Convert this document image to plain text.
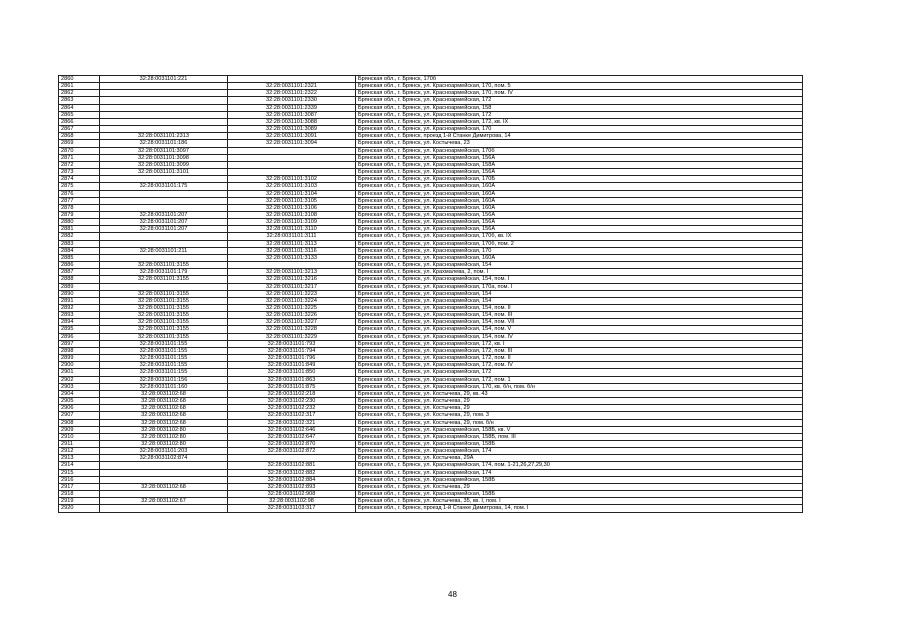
2860	32:28:0031101:221		Брянская обл., г. Брянск, 170б
2861		32:28:0031101:2321	Брянская обл., г. Брянск, ул. Красноармейская, 170, пом. 5
2862		32:28:0031101:2322	Брянская обл., г. Брянск, ул. Красноармейская, 170, пом. IV
2863		32:28:0031101:2330	Брянская обл., г. Брянск, ул. Красноармейская, 172
2864		32:28:0031101:2339	Брянская обл., г. Брянск, ул. Красноармейская, 158
2865		32:28:0031101:3087	Брянская обл., г. Брянск, ул. Красноармейская, 172
2866		32:28:0031101:3088	Брянская обл., г. Брянск, ул. Красноармейская, 172, кв. IX
2867		32:28:0031101:3089	Брянская обл., г. Брянск, ул. Красноармейская, 170
2868	32:28:0031101:2313	32:28:0031101:3091	Брянская обл., г. Брянск, проезд 1-й Станке Димитрова, 14
2869	32:28:0031101:186	32:28:0031101:3094	Брянская обл., г. Брянск, ул. Костычева, 23
2870	32:28:0031101:3097		Брянская обл., г. Брянск, ул. Красноармейская, 170б
2871	32:28:0031101:3098		Брянская обл., г. Брянск, ул. Красноармейская, 156А
2872	32:28:0031101:3099		Брянская обл., г. Брянск, ул. Красноармейская, 158А
2873	32:28:0031101:3101		Брянская обл., г. Брянск, ул. Красноармейская, 156А
2874		32:28:0031101:3102	Брянская обл., г. Брянск, ул. Красноармейская, 170Б
2875	32:28:0031101:175	32:28:0031101:3103	Брянская обл., г. Брянск, ул. Красноармейская, 160А
2876		32:28:0031101:3104	Брянская обл., г. Брянск, ул. Красноармейская, 160А
2877		32:28:0031101:3105	Брянская обл., г. Брянск, ул. Красноармейская, 160А
2878		32:28:0031101:3106	Брянская обл., г. Брянск, ул. Красноармейская, 160А
2879	32:28:0031101:207	32:28:0031101:3108	Брянская обл., г. Брянск, ул. Красноармейская, 156А
2880	32:28:0031101:207	32:28:0031101:3109	Брянская обл., г. Брянск, ул. Красноармейская, 156А
2881	32:28:0031101:207	32:28:0031101:3110	Брянская обл., г. Брянск, ул. Красноармейская, 156А
2882		32:28:0031101:3111	Брянская обл., г. Брянск, ул. Красноармейская, 170б, кв. IX
2883		32:28:0031101:3113	Брянская обл., г. Брянск, ул. Красноармейская, 170б, пом. 2
2884	32:28:0031101:211	32:28:0031101:3116	Брянская обл., г. Брянск, ул. Красноармейская, 170
2885		32:28:0031101:3133	Брянская обл., г. Брянск, ул. Красноармейская, 160А
2886	32:28:0031101:3155		Брянская обл., г. Брянск, ул. Красноармейская, 154
2887	32:28:0031101:179	32:28:0031101:3213	Брянская обл., г. Брянск, ул. Крахмалева, 2, пом. I
2888	32:28:0031101:3155	32:28:0031101:3216	Брянская обл., г. Брянск, ул. Красноармейская, 154, пом. I
2889		32:28:0031101:3217	Брянская обл., г. Брянск, ул. Красноармейская, 170а, пом. I
2890	32:28:0031101:3155	32:28:0031101:3223	Брянская обл., г. Брянск, ул. Красноармейская, 154
2891	32:28:0031101:3155	32:28:0031101:3224	Брянская обл., г. Брянск, ул. Красноармейская, 154
2892	32:28:0031101:3155	32:28:0031101:3225	Брянская обл., г. Брянск, ул. Красноармейская, 154, пом. II
2893	32:28:0031101:3155	32:28:0031101:3226	Брянская обл., г. Брянск, ул. Красноармейская, 154, пом. III
2894	32:28:0031101:3155	32:28:0031101:3227	Брянская обл., г. Брянск, ул. Красноармейская, 154, пом. VII
2895	32:28:0031101:3155	32:28:0031101:3228	Брянская обл., г. Брянск, ул. Красноармейская, 154, пом. V
2896	32:28:0031101:3155	32:28:0031101:3229	Брянская обл., г. Брянск, ул. Красноармейская, 154, пом. IV
2897	32:28:0031101:155	32:28:0031101:793	Брянская обл., г. Брянск, ул. Красноармейская, 172, кв. I
2898	32:28:0031101:155	32:28:0031101:794	Брянская обл., г. Брянск, ул. Красноармейская, 172, пом. III
2899	32:28:0031101:155	32:28:0031101:796	Брянская обл., г. Брянск, ул. Красноармейская, 172, пом. II
2900	32:28:0031101:155	32:28:0031101:849	Брянская обл., г. Брянск, ул. Красноармейская, 172, пом. IV
2901	32:28:0031101:155	32:28:0031101:850	Брянская обл., г. Брянск, ул. Красноармейская, 172
2902	32:28:0031101:156	32:28:0031101:863	Брянская обл., г. Брянск, ул. Красноармейская, 172, пом. 1
2903	32:28:0031101:160	32:28:0031101:875	Брянская обл., г. Брянск, ул. Красноармейская, 170, кв. б/н, пом. б/н
2904	32:28:0031102:68	32:28:0031102:218	Брянская обл., г. Брянск, ул. Костычева, 29, кв. 43
2905	32:28:0031102:68	32:28:0031102:230	Брянская обл., г. Брянск, ул. Костычева, 29
2906	32:28:0031102:68	32:28:0031102:232	Брянская обл., г. Брянск, ул. Костычева, 29
2907	32:28:0031102:68	32:28:0031102:317	Брянская обл., г. Брянск, ул. Костычева, 29, пом. 3
2908	32:28:0031102:68	32:28:0031102:321	Брянская обл., г. Брянск, ул. Костычева, 29, пом. б/н
2909	32:28:0031102:80	32:28:0031102:646	Брянская обл., г. Брянск, ул. Красноармейская, 158Б, кв. V
2910	32:28:0031102:80	32:28:0031102:647	Брянская обл., г. Брянск, ул. Красноармейская, 158Б, пом. III
2911	32:28:0031102:80	32:28:0031102:870	Брянская обл., г. Брянск, ул. Красноармейская, 158Б
2912	32:28:0031101:203	32:28:0031102:872	Брянская обл., г. Брянск, ул. Красноармейская, 174
2913	32:28:0031102:874		Брянская обл., г. Брянск, ул. Костычева, 29А
2914		32:28:0031102:881	Брянская обл., г. Брянск, ул. Красноармейская, 174, пом. 1-21,26,27,29,30
2915		32:28:0031102:882	Брянская обл., г. Брянск, ул. Красноармейская, 174
2916		32:28:0031102:884	Брянская обл., г. Брянск, ул. Красноармейская, 158Б
2917	32:28:0031102:68	32:28:0031102:893	Брянская обл., г. Брянск, ул. Костычева, 29
2918		32:28:0031102:908	Брянская обл., г. Брянск, ул. Красноармейская, 158Б
2919	32:28:0031102:67	32:28:0031102:98	Брянская обл., г. Брянск, ул. Костычева, 35, кв. I, пом. I
2920		32:28:0031103:317	Брянская обл., г. Брянск, проезд 1-й Станке Димитрова, 14, пом. I
48
